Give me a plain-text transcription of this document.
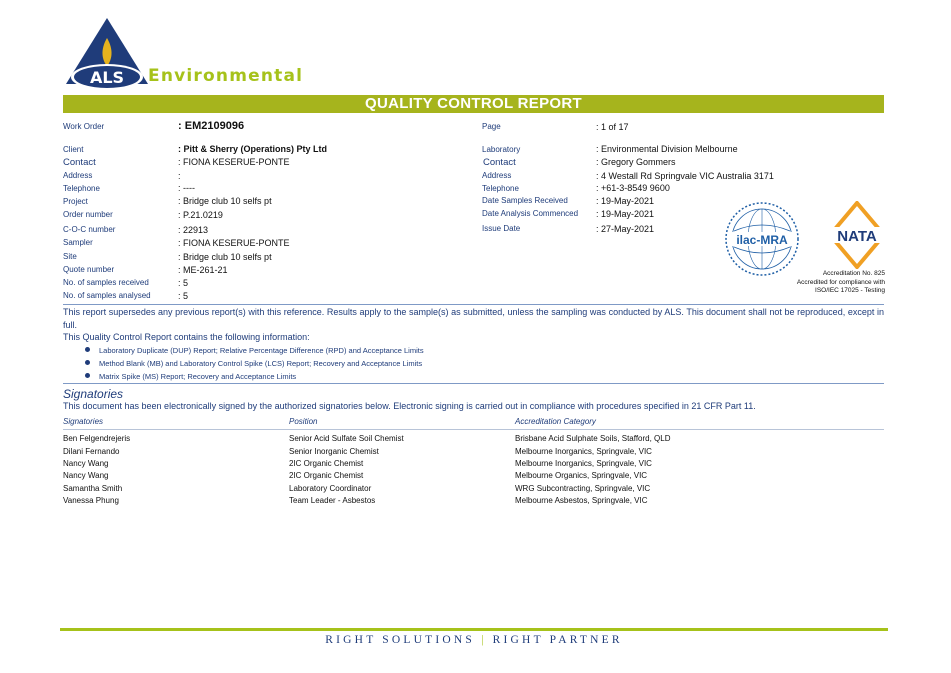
ALS Environmental
QUALITY CONTROL REPORT
Work Order	: EM2109096
Client	: Pitt & Sherry (Operations) Pty Ltd
Contact	: FIONA KESERUE-PONTE
Address	:
Telephone	: ----
Project	: Bridge club 10 selfs pt
Order number	: P.21.0219
C-O-C number	: 22913
Sampler	: FIONA KESERUE-PONTE
Site	: Bridge club 10 selfs pt
Quote number	: ME-261-21
No. of samples received	: 5
No. of samples analysed	: 5
Page	: 1 of 17
Laboratory	: Environmental Division Melbourne
Contact	: Gregory Gommers
Address	: 4 Westall Rd Springvale VIC Australia 3171
Telephone	: +61-3-8549 9600
Date Samples Received	: 19-May-2021
Date Analysis Commenced : 19-May-2021
Issue Date	: 27-May-2021
ilac-MRA	NATA
Accreditation No. 825
Accredited for compliance with
ISO/IEC 17025 - Testing
This report supersedes any previous report(s) with this reference. Results apply to the sample(s) as submitted, unless the sampling was conducted by ALS. This document shall not be reproduced, except in full.
This Quality Control Report contains the following information:
Laboratory Duplicate (DUP) Report; Relative Percentage Difference (RPD) and Acceptance Limits
Method Blank (MB) and Laboratory Control Spike (LCS) Report; Recovery and Acceptance Limits
Matrix Spike (MS) Report; Recovery and Acceptance Limits
Signatories
This document has been electronically signed by the authorized signatories below. Electronic signing is carried out in compliance with procedures specified in 21 CFR Part 11.
Signatories	Position	Accreditation Category
Ben Felgendrejeris	Senior Acid Sulfate Soil Chemist	Brisbane Acid Sulphate Soils, Stafford, QLD
Dilani Fernando	Senior Inorganic Chemist	Melbourne Inorganics, Springvale, VIC
Nancy Wang	2IC Organic Chemist	Melbourne Inorganics, Springvale, VIC
Nancy Wang	2IC Organic Chemist	Melbourne Organics, Springvale, VIC
Samantha Smith	Laboratory Coordinator	WRG Subcontracting, Springvale, VIC
Vanessa Phung	Team Leader - Asbestos	Melbourne Asbestos, Springvale, VIC
RIGHT SOLUTIONS | RIGHT PARTNER
